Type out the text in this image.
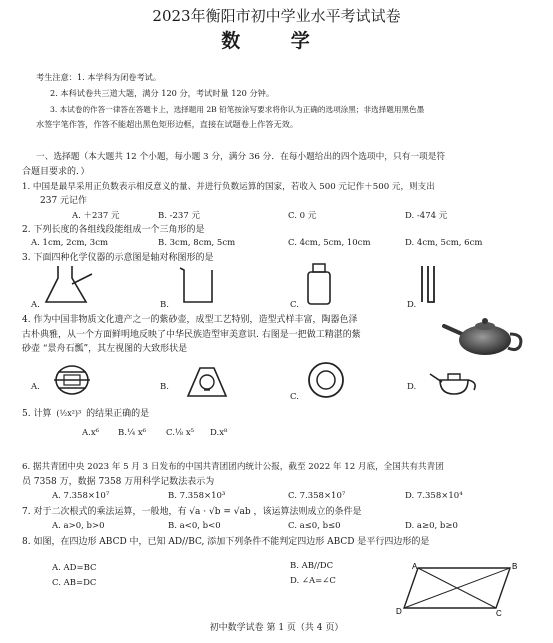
2023年衡阳市初中学业水平考试试卷
数 学
考生注意：1. 本学科为闭卷考试。
2. 本科试卷共三道大题，满分 120 分，考试时量 120 分钟。
3. 本试卷的作答一律答在答题卡上，选择题用 2B 铅笔按涂写要求将你认为正确的选项涂黑；非选择题用黑色墨
水签字笔作答，作答不能超出黑色矩形边框，直接在试题卷上作答无效。
一、选择题（本大题共 12 个小题，每小题 3 分，满分 36 分．在每小题给出的四个选项中，只有一项是符
合题目要求的．）
1. 中国是最早采用正负数表示相反意义的量、并进行负数运算的国家，若收入 500 元记作＋500 元，则支出
237 元记作
A. ＋237 元	B. -237 元	C. 0 元	D. -474 元
2. 下列长度的各组线段能组成一个三角形的是
A. 1cm, 2cm, 3cm	B. 3cm, 8cm, 5cm	C. 4cm, 5cm, 10cm	D. 4cm, 5cm, 6cm
3. 下面四种化学仪器的示意图是轴对称图形的是
A.	B.	C.	D.
4. 作为中国非物质文化遗产之一的紫砂壶，成型工艺特别，造型式样丰富，陶器色泽
古朴典雅，从一个方面鲜明地反映了中华民族造型审美意识. 右图是一把做工精湛的紫
砂壶 “景舟石瓢”，其左视图的大致形状是
A.	B.
C.
D.
5. 计算 (½x²)³ 的结果正确的是
A.x⁶ B.¼ x⁶ C.⅛ x⁵ D.x⁸
6. 据共青团中央 2023 年 5 月 3 日发布的中国共青团团内统计公报，截至 2022 年 12 月底，全国共有共青团
员 7358 万，数据 7358 万用科学记数法表示为
A. 7.358×10⁷	B. 7.358×10³	C. 7.358×10⁷	D. 7.358×10⁴
7. 对于二次根式的乘法运算，一般地，有 √a · √b = √ab ，该运算法则成立的条件是
A. a>0, b>0	B. a<0, b<0	C. a≤0, b≤0	D. a≥0, b≥0
8. 如图，在四边形 ABCD 中，已知 AD//BC, 添加下列条件不能判定四边形 ABCD 是平行四边形的是
A. AD=BC	B. AB//DC
C. AB=DC	D. ∠A=∠C
A	B
C
D
初中数学试卷 第 1 页（共 4 页）
